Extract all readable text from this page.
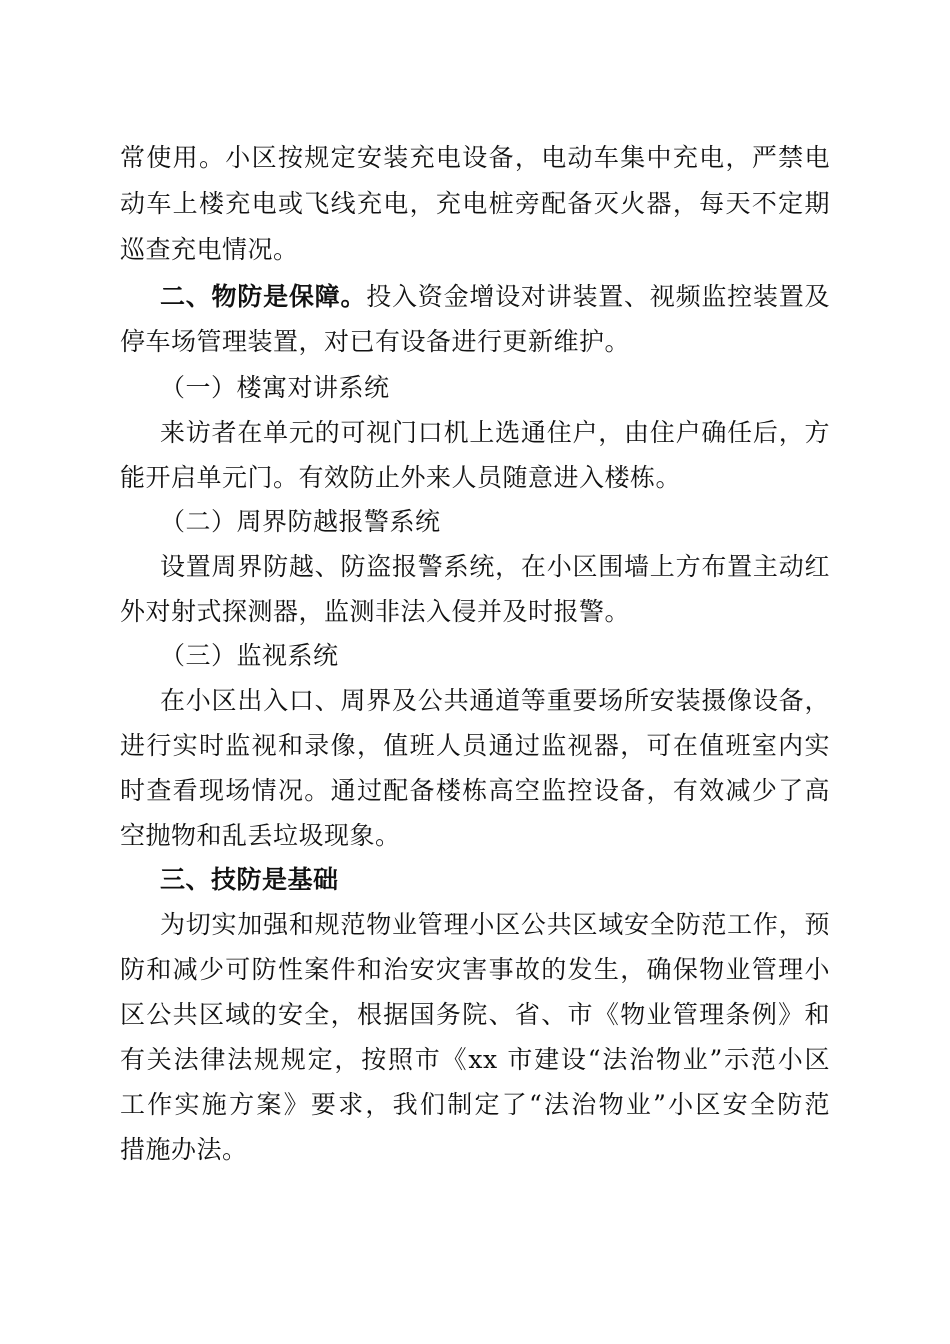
常使用。小区按规定安装充电设备，电动车集中充电，严禁电
动车上楼充电或飞线充电，充电桩旁配备灭火器，每天不定期
巡查充电情况。
二、物防是保障。投入资金增设对讲装置、视频监控装置及
停车场管理装置，对已有设备进行更新维护。
（一）楼寓对讲系统
来访者在单元的可视门口机上选通住户，由住户确任后，方
能开启单元门。有效防止外来人员随意进入楼栋。
（二）周界防越报警系统
设置周界防越、防盗报警系统，在小区围墙上方布置主动红
外对射式探测器，监测非法入侵并及时报警。
（三）监视系统
在小区出入口、周界及公共通道等重要场所安装摄像设备，
进行实时监视和录像，值班人员通过监视器，可在值班室内实
时查看现场情况。通过配备楼栋高空监控设备，有效减少了高
空抛物和乱丢垃圾现象。
三、技防是基础
为切实加强和规范物业管理小区公共区域安全防范工作，预
防和减少可防性案件和治安灾害事故的发生，确保物业管理小
区公共区域的安全，根据国务院、省、市《物业管理条例》和
有关法律法规规定，按照市《xx 市建设“法治物业”示范小区
工作实施方案》要求，我们制定了“法治物业”小区安全防范
措施办法。
